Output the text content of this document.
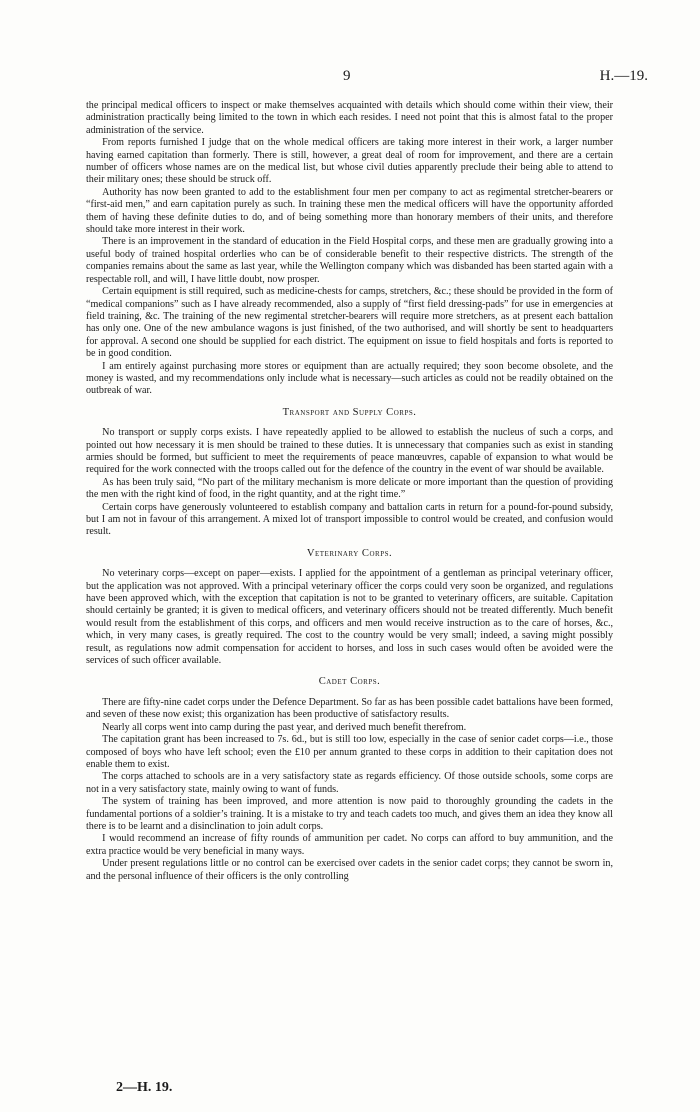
9	H.—19.

the principal medical officers to inspect or make themselves acquainted with details which should come within their view, their administration practically being limited to the town in which each resides. I need not point that this is almost fatal to the proper administration of the service.

From reports furnished I judge that on the whole medical officers are taking more interest in their work, a larger number having earned capitation than formerly. There is still, however, a great deal of room for improvement, and there are a certain number of officers whose names are on the medical list, but whose civil duties apparently preclude their being able to attend to their military ones; these should be struck off.

Authority has now been granted to add to the establishment four men per company to act as regimental stretcher-bearers or “first-aid men,” and earn capitation purely as such. In training these men the medical officers will have the opportunity afforded them of having these definite duties to do, and of being something more than honorary members of their units, and therefore should take more interest in their work.

There is an improvement in the standard of education in the Field Hospital corps, and these men are gradually growing into a useful body of trained hospital orderlies who can be of considerable benefit to their respective districts. The strength of the companies remains about the same as last year, while the Wellington company which was disbanded has been started again with a respectable roll, and will, I have little doubt, now prosper.

Certain equipment is still required, such as medicine-chests for camps, stretchers, &c.; these should be provided in the form of “medical companions” such as I have already recommended, also a supply of “first field dressing-pads” for use in emergencies at field training, &c. The training of the new regimental stretcher-bearers will require more stretchers, as at present each battalion has only one. One of the new ambulance wagons is just finished, of the two authorised, and will shortly be sent to headquarters for approval. A second one should be supplied for each district. The equipment on issue to field hospitals and forts is reported to be in good condition.

I am entirely against purchasing more stores or equipment than are actually required; they soon become obsolete, and the money is wasted, and my recommendations only include what is necessary—such articles as could not be readily obtained on the outbreak of war.

Transport and Supply Corps.

No transport or supply corps exists. I have repeatedly applied to be allowed to establish the nucleus of such a corps, and pointed out how necessary it is men should be trained to these duties. It is unnecessary that companies such as exist in standing armies should be formed, but sufficient to meet the requirements of peace manœuvres, capable of expansion to what would be required for the work connected with the troops called out for the defence of the country in the event of war should be available.

As has been truly said, “No part of the military mechanism is more delicate or more important than the question of providing the men with the right kind of food, in the right quantity, and at the right time.”

Certain corps have generously volunteered to establish company and battalion carts in return for a pound-for-pound subsidy, but I am not in favour of this arrangement. A mixed lot of transport impossible to control would be created, and confusion would result.

Veterinary Corps.

No veterinary corps—except on paper—exists. I applied for the appointment of a gentleman as principal veterinary officer, but the application was not approved. With a principal veterinary officer the corps could very soon be organized, and regulations have been approved which, with the exception that capitation is not to be granted to veterinary officers, are suitable. Capitation should certainly be granted; it is given to medical officers, and veterinary officers should not be treated differently. Much benefit would result from the establishment of this corps, and officers and men would receive instruction as to the care of horses, &c., which, in very many cases, is greatly required. The cost to the country would be very small; indeed, a saving might possibly result, as regulations now admit compensation for accident to horses, and loss in such cases would often be avoided were the services of such officer available.

Cadet Corps.

There are fifty-nine cadet corps under the Defence Department. So far as has been possible cadet battalions have been formed, and seven of these now exist; this organization has been productive of satisfactory results.

Nearly all corps went into camp during the past year, and derived much benefit therefrom.

The capitation grant has been increased to 7s. 6d., but is still too low, especially in the case of senior cadet corps—i.e., those composed of boys who have left school; even the £10 per annum granted to these corps in addition to their capitation does not enable them to exist.

The corps attached to schools are in a very satisfactory state as regards efficiency. Of those outside schools, some corps are not in a very satisfactory state, mainly owing to want of funds.

The system of training has been improved, and more attention is now paid to thoroughly grounding the cadets in the fundamental portions of a soldier’s training. It is a mistake to try and teach cadets too much, and gives them an idea they know all there is to be learnt and a disinclination to join adult corps.

I would recommend an increase of fifty rounds of ammunition per cadet. No corps can afford to buy ammunition, and the extra practice would be very beneficial in many ways.

Under present regulations little or no control can be exercised over cadets in the senior cadet corps; they cannot be sworn in, and the personal influence of their officers is the only controlling

2—H. 19.
